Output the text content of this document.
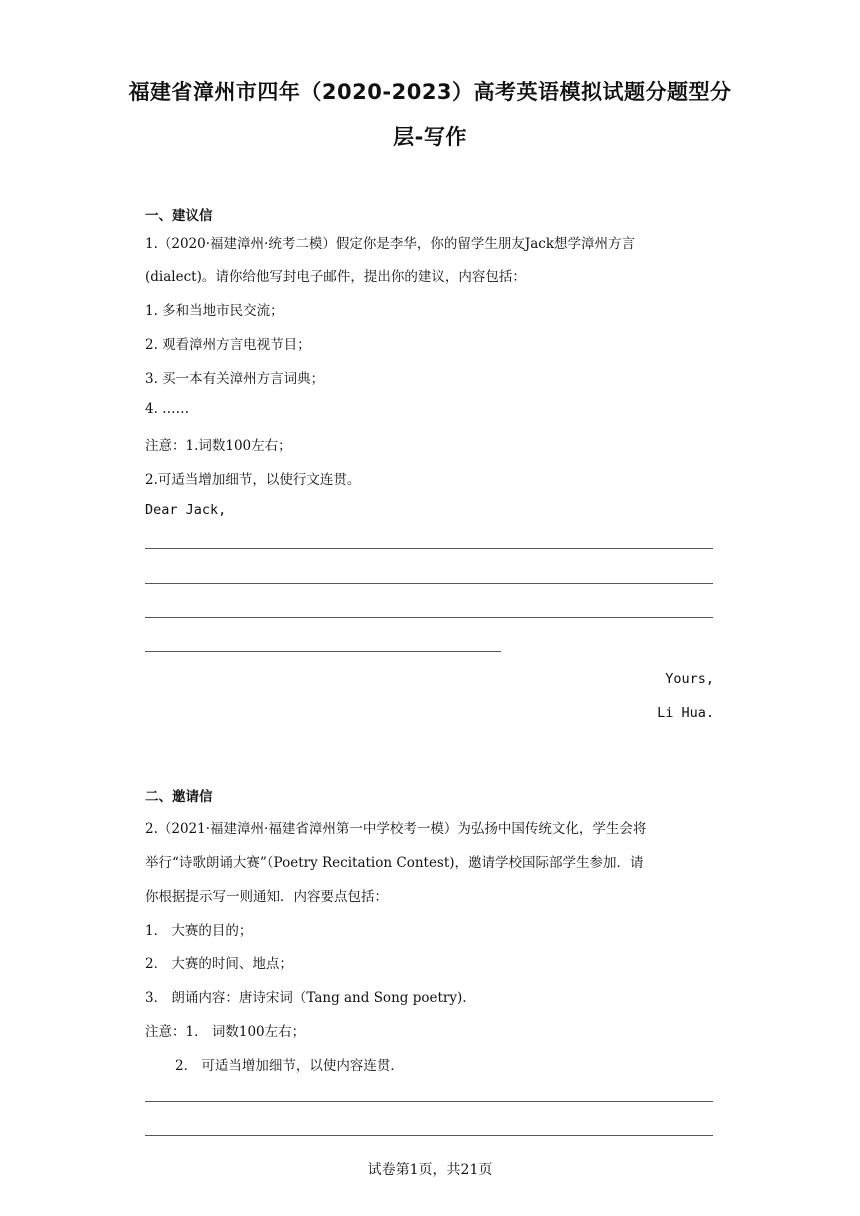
福建省漳州市四年（2020-2023）高考英语模拟试题分题型分
层-写作
一、建议信
1.（2020·福建漳州·统考二模）假定你是李华，你的留学生朋友Jack想学漳州方言
(dialect)。请你给他写封电子邮件，提出你的建议，内容包括：
1. 多和当地市民交流；
2. 观看漳州方言电视节目；
3. 买一本有关漳州方言词典；
4. ……
注意：1.词数100左右；
2.可适当增加细节，以使行文连贯。
Dear Jack,
Yours,
Li Hua.
二、邀请信
2.（2021·福建漳州·福建省漳州第一中学校考一模）为弘扬中国传统文化，学生会将
举行“诗歌朗诵大赛”（Poetry Recitation Contest)，邀请学校国际部学生参加．请
你根据提示写一则通知．内容要点包括：
1． 大赛的目的；
2． 大赛的时间、地点；
3． 朗诵内容：唐诗宋词（Tang and Song poetry).
注意：1． 词数100左右；
2． 可适当增加细节，以使内容连贯．
试卷第1页，共21页
